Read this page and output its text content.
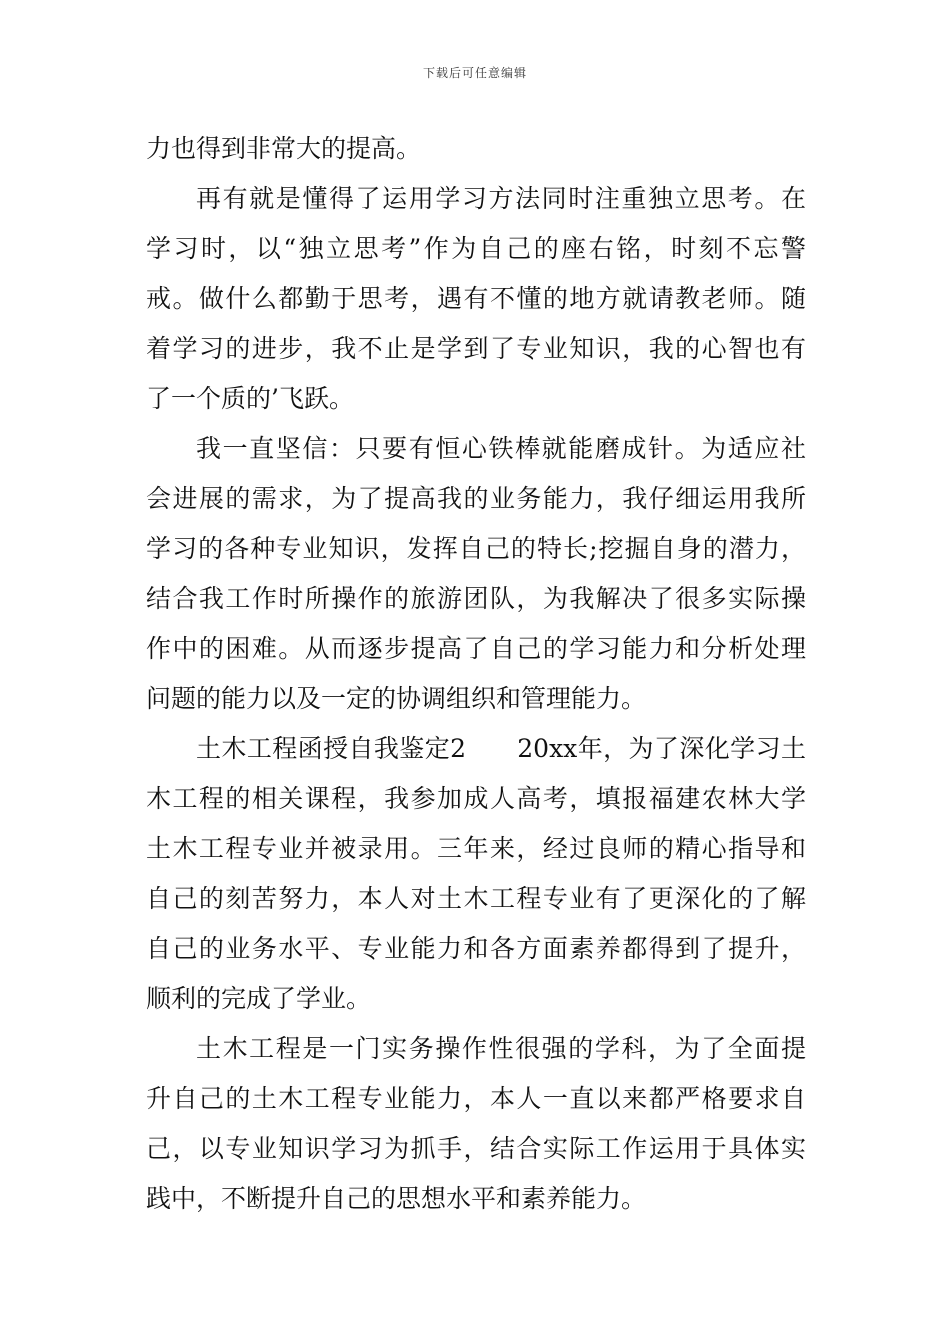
下载后可任意编辑
力也得到非常大的提高。
再有就是懂得了运用学习方法同时注重独立思考。在
学习时，以“独立思考”作为自己的座右铭，时刻不忘警
戒。做什么都勤于思考，遇有不懂的地方就请教老师。随
着学习的进步，我不止是学到了专业知识，我的心智也有
了一个质的’飞跃。
我一直坚信：只要有恒心铁棒就能磨成针。为适应社
会进展的需求，为了提高我的业务能力，我仔细运用我所
学习的各种专业知识，发挥自己的特长;挖掘自身的潜力，
结合我工作时所操作的旅游团队，为我解决了很多实际操
作中的困难。从而逐步提高了自己的学习能力和分析处理
问题的能力以及一定的协调组织和管理能力。
土木工程函授自我鉴定2　　20xx年，为了深化学习土
木工程的相关课程，我参加成人高考，填报福建农林大学
土木工程专业并被录用。三年来，经过良师的精心指导和
自己的刻苦努力，本人对土木工程专业有了更深化的了解
自己的业务水平、专业能力和各方面素养都得到了提升，
顺利的完成了学业。
土木工程是一门实务操作性很强的学科，为了全面提
升自己的土木工程专业能力，本人一直以来都严格要求自
己，以专业知识学习为抓手，结合实际工作运用于具体实
践中，不断提升自己的思想水平和素养能力。
